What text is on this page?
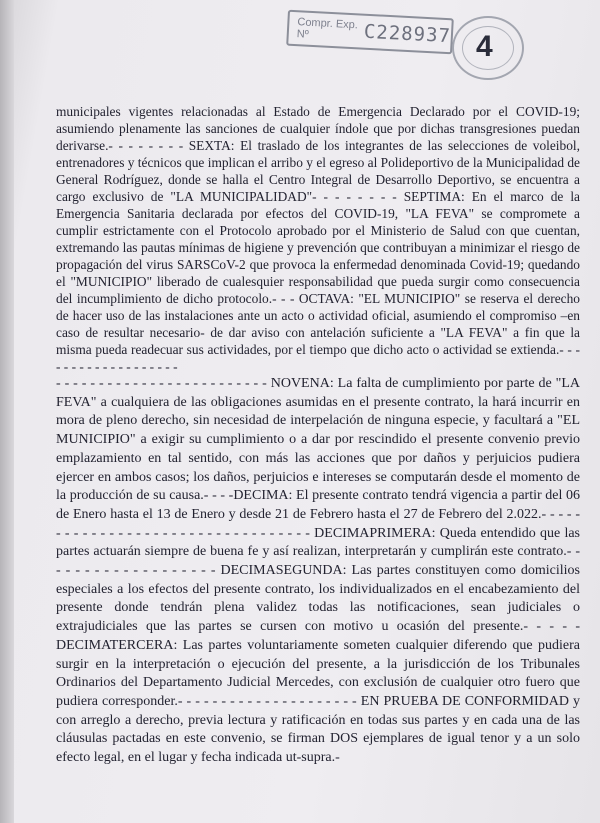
Compr. Exp. Nº	C228937 4

municipales vigentes relacionadas al Estado de Emergencia Declarado por el COVID-19; asumiendo plenamente las sanciones de cualquier índole que por dichas transgresiones puedan derivarse.- - - - - - - - SEXTA: El traslado de los integrantes de las selecciones de voleibol, entrenadores y técnicos que implican el arribo y el egreso al Polideportivo de la Municipalidad de General Rodríguez, donde se halla el Centro Integral de Desarrollo Deportivo, se encuentra a cargo exclusivo de "LA MUNICIPALIDAD"- - - - - - - - SEPTIMA: En el marco de la Emergencia Sanitaria declarada por efectos del COVID-19, "LA FEVA" se compromete a cumplir estrictamente con el Protocolo aprobado por el Ministerio de Salud con que cuentan, extremando las pautas mínimas de higiene y prevención que contribuyan a minimizar el riesgo de propagación del virus SARSCoV-2 que provoca la enfermedad denominada Covid-19; quedando el "MUNICIPIO" liberado de cualesquier responsabilidad que pueda surgir como consecuencia del incumplimiento de dicho protocolo.- - - OCTAVA: "EL MUNICIPIO" se reserva el derecho de hacer uso de las instalaciones ante un acto o actividad oficial, asumiendo el compromiso –en caso de resultar necesario- de dar aviso con antelación suficiente a "LA FEVA" a fin que la misma pueda readecuar sus actividades, por el tiempo que dicho acto o actividad se extienda.- - - - - - - - - - - - - - - - - - -

- - - - - - - - - - - - - - - - - - - - - - - - - NOVENA: La falta de cumplimiento por parte de "LA FEVA" a cualquiera de las obligaciones asumidas en el presente contrato, la hará incurrir en mora de pleno derecho, sin necesidad de interpelación de ninguna especie, y facultará a "EL MUNICIPIO" a exigir su cumplimiento o a dar por rescindido el presente convenio previo emplazamiento en tal sentido, con más las acciones que por daños y perjuicios pudiera ejercer en ambos casos; los daños, perjuicios e intereses se computarán desde el momento de la producción de su causa.- - - -DECIMA: El presente contrato tendrá vigencia a partir del 06 de Enero hasta el 13 de Enero y desde 21 de Febrero hasta el 27 de Febrero del 2.022.- - - - - - - - - - - - - - - - - - - - - - - - - - - - - - - - - - DECIMAPRIMERA: Queda entendido que las partes actuarán siempre de buena fe y así realizan, interpretarán y cumplirán este contrato.- - - - - - - - - - - - - - - - - - - DECIMASEGUNDA: Las partes constituyen como domicilios especiales a los efectos del presente contrato, los individualizados en el encabezamiento del presente donde tendrán plena validez todas las notificaciones, sean judiciales o extrajudiciales que las partes se cursen con motivo u ocasión del presente.- - - - - DECIMATERCERA: Las partes voluntariamente someten cualquier diferendo que pudiera surgir en la interpretación o ejecución del presente, a la jurisdicción de los Tribunales Ordinarios del Departamento Judicial Mercedes, con exclusión de cualquier otro fuero que pudiera corresponder.- - - - - - - - - - - - - - - - - - - - - EN PRUEBA DE CONFORMIDAD y con arreglo a derecho, previa lectura y ratificación en todas sus partes y en cada una de las cláusulas pactadas en este convenio, se firman DOS ejemplares de igual tenor y a un solo efecto legal, en el lugar y fecha indicada ut-supra.-
